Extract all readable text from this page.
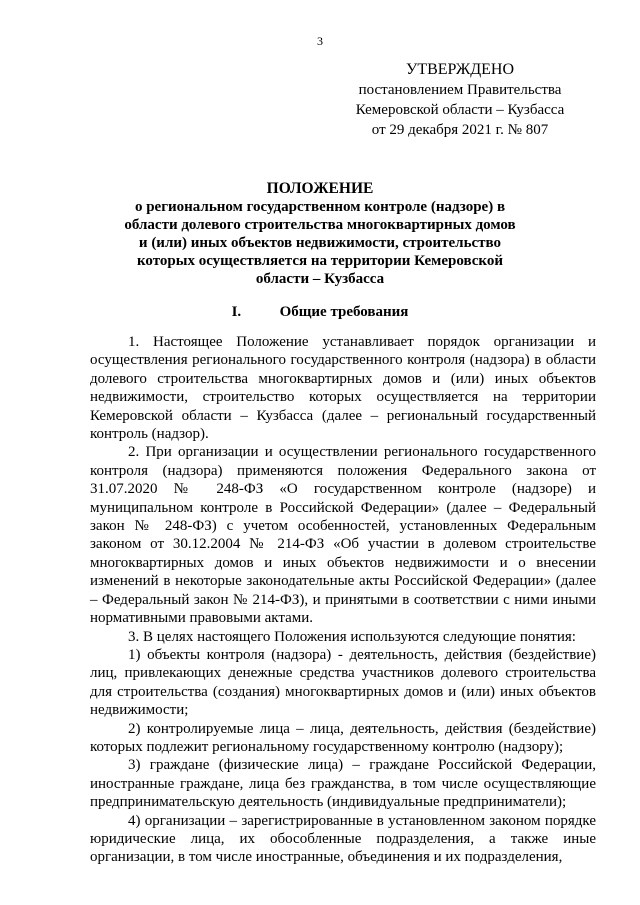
3
УТВЕРЖДЕНО
постановлением Правительства
Кемеровской области – Кузбасса
от 29 декабря 2021 г. № 807
ПОЛОЖЕНИЕ
о региональном государственном контроле (надзоре) в
области долевого строительства многоквартирных домов
и (или) иных объектов недвижимости, строительство
которых осуществляется на территории Кемеровской
области – Кузбасса
I.	Общие требования

1. Настоящее Положение устанавливает порядок организации и осуществления регионального государственного контроля (надзора) в области долевого строительства многоквартирных домов и (или) иных объектов недвижимости, строительство которых осуществляется на территории Кемеровской области – Кузбасса (далее – региональный государственный контроль (надзор).

2. При организации и осуществлении регионального государственного контроля (надзора) применяются положения Федерального закона от 31.07.2020 № 248-ФЗ «О государственном контроле (надзоре) и муниципальном контроле в Российской Федерации» (далее – Федеральный закон № 248-ФЗ) с учетом особенностей, установленных Федеральным законом от 30.12.2004 № 214-ФЗ «Об участии в долевом строительстве многоквартирных домов и иных объектов недвижимости и о внесении изменений в некоторые законодательные акты Российской Федерации» (далее – Федеральный закон № 214-ФЗ), и принятыми в соответствии с ними иными нормативными правовыми актами.

3. В целях настоящего Положения используются следующие понятия:

1) объекты контроля (надзора) - деятельность, действия (бездействие) лиц, привлекающих денежные средства участников долевого строительства для строительства (создания) многоквартирных домов и (или) иных объектов недвижимости;

2) контролируемые лица – лица, деятельность, действия (бездействие) которых подлежит региональному государственному контролю (надзору);

3) граждане (физические лица) – граждане Российской Федерации, иностранные граждане, лица без гражданства, в том числе осуществляющие предпринимательскую деятельность (индивидуальные предприниматели);

4) организации – зарегистрированные в установленном законом порядке юридические лица, их обособленные подразделения, а также иные организации, в том числе иностранные, объединения и их подразделения,
